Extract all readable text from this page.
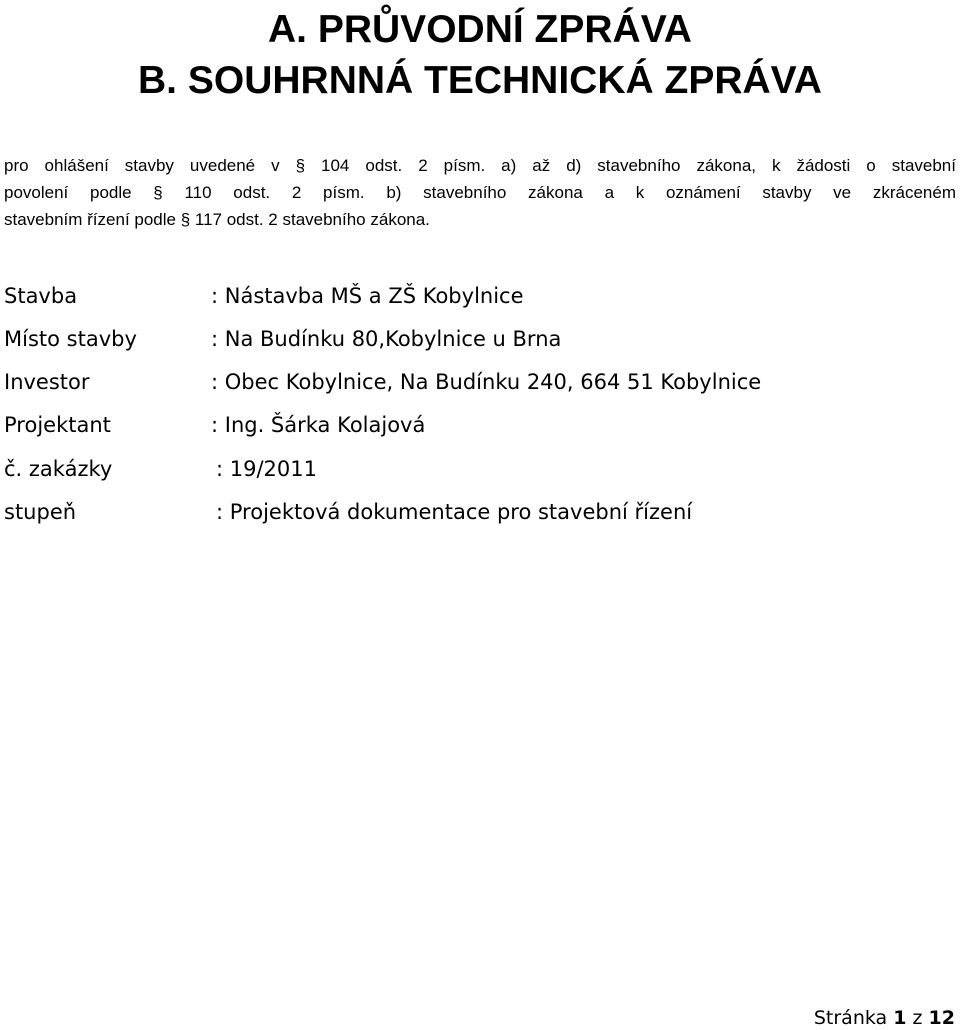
A. PRŮVODNÍ ZPRÁVA
B. SOUHRNNÁ TECHNICKÁ ZPRÁVA
pro ohlášení stavby uvedené v § 104 odst. 2 písm. a) až d) stavebního zákona, k žádosti o stavební
povolení podle § 110 odst. 2 písm. b) stavebního zákona a k oznámení stavby ve zkráceném
stavebním řízení podle § 117 odst. 2 stavebního zákona.
Stavba	: Nástavba MŠ a ZŠ Kobylnice
Místo stavby	: Na Budínku 80,Kobylnice u Brna
Investor	: Obec Kobylnice, Na Budínku 240, 664 51 Kobylnice
Projektant	: Ing. Šárka Kolajová
č. zakázky	: 19/2011
stupeň	: Projektová dokumentace pro stavební řízení
Stránka 1 z 12
